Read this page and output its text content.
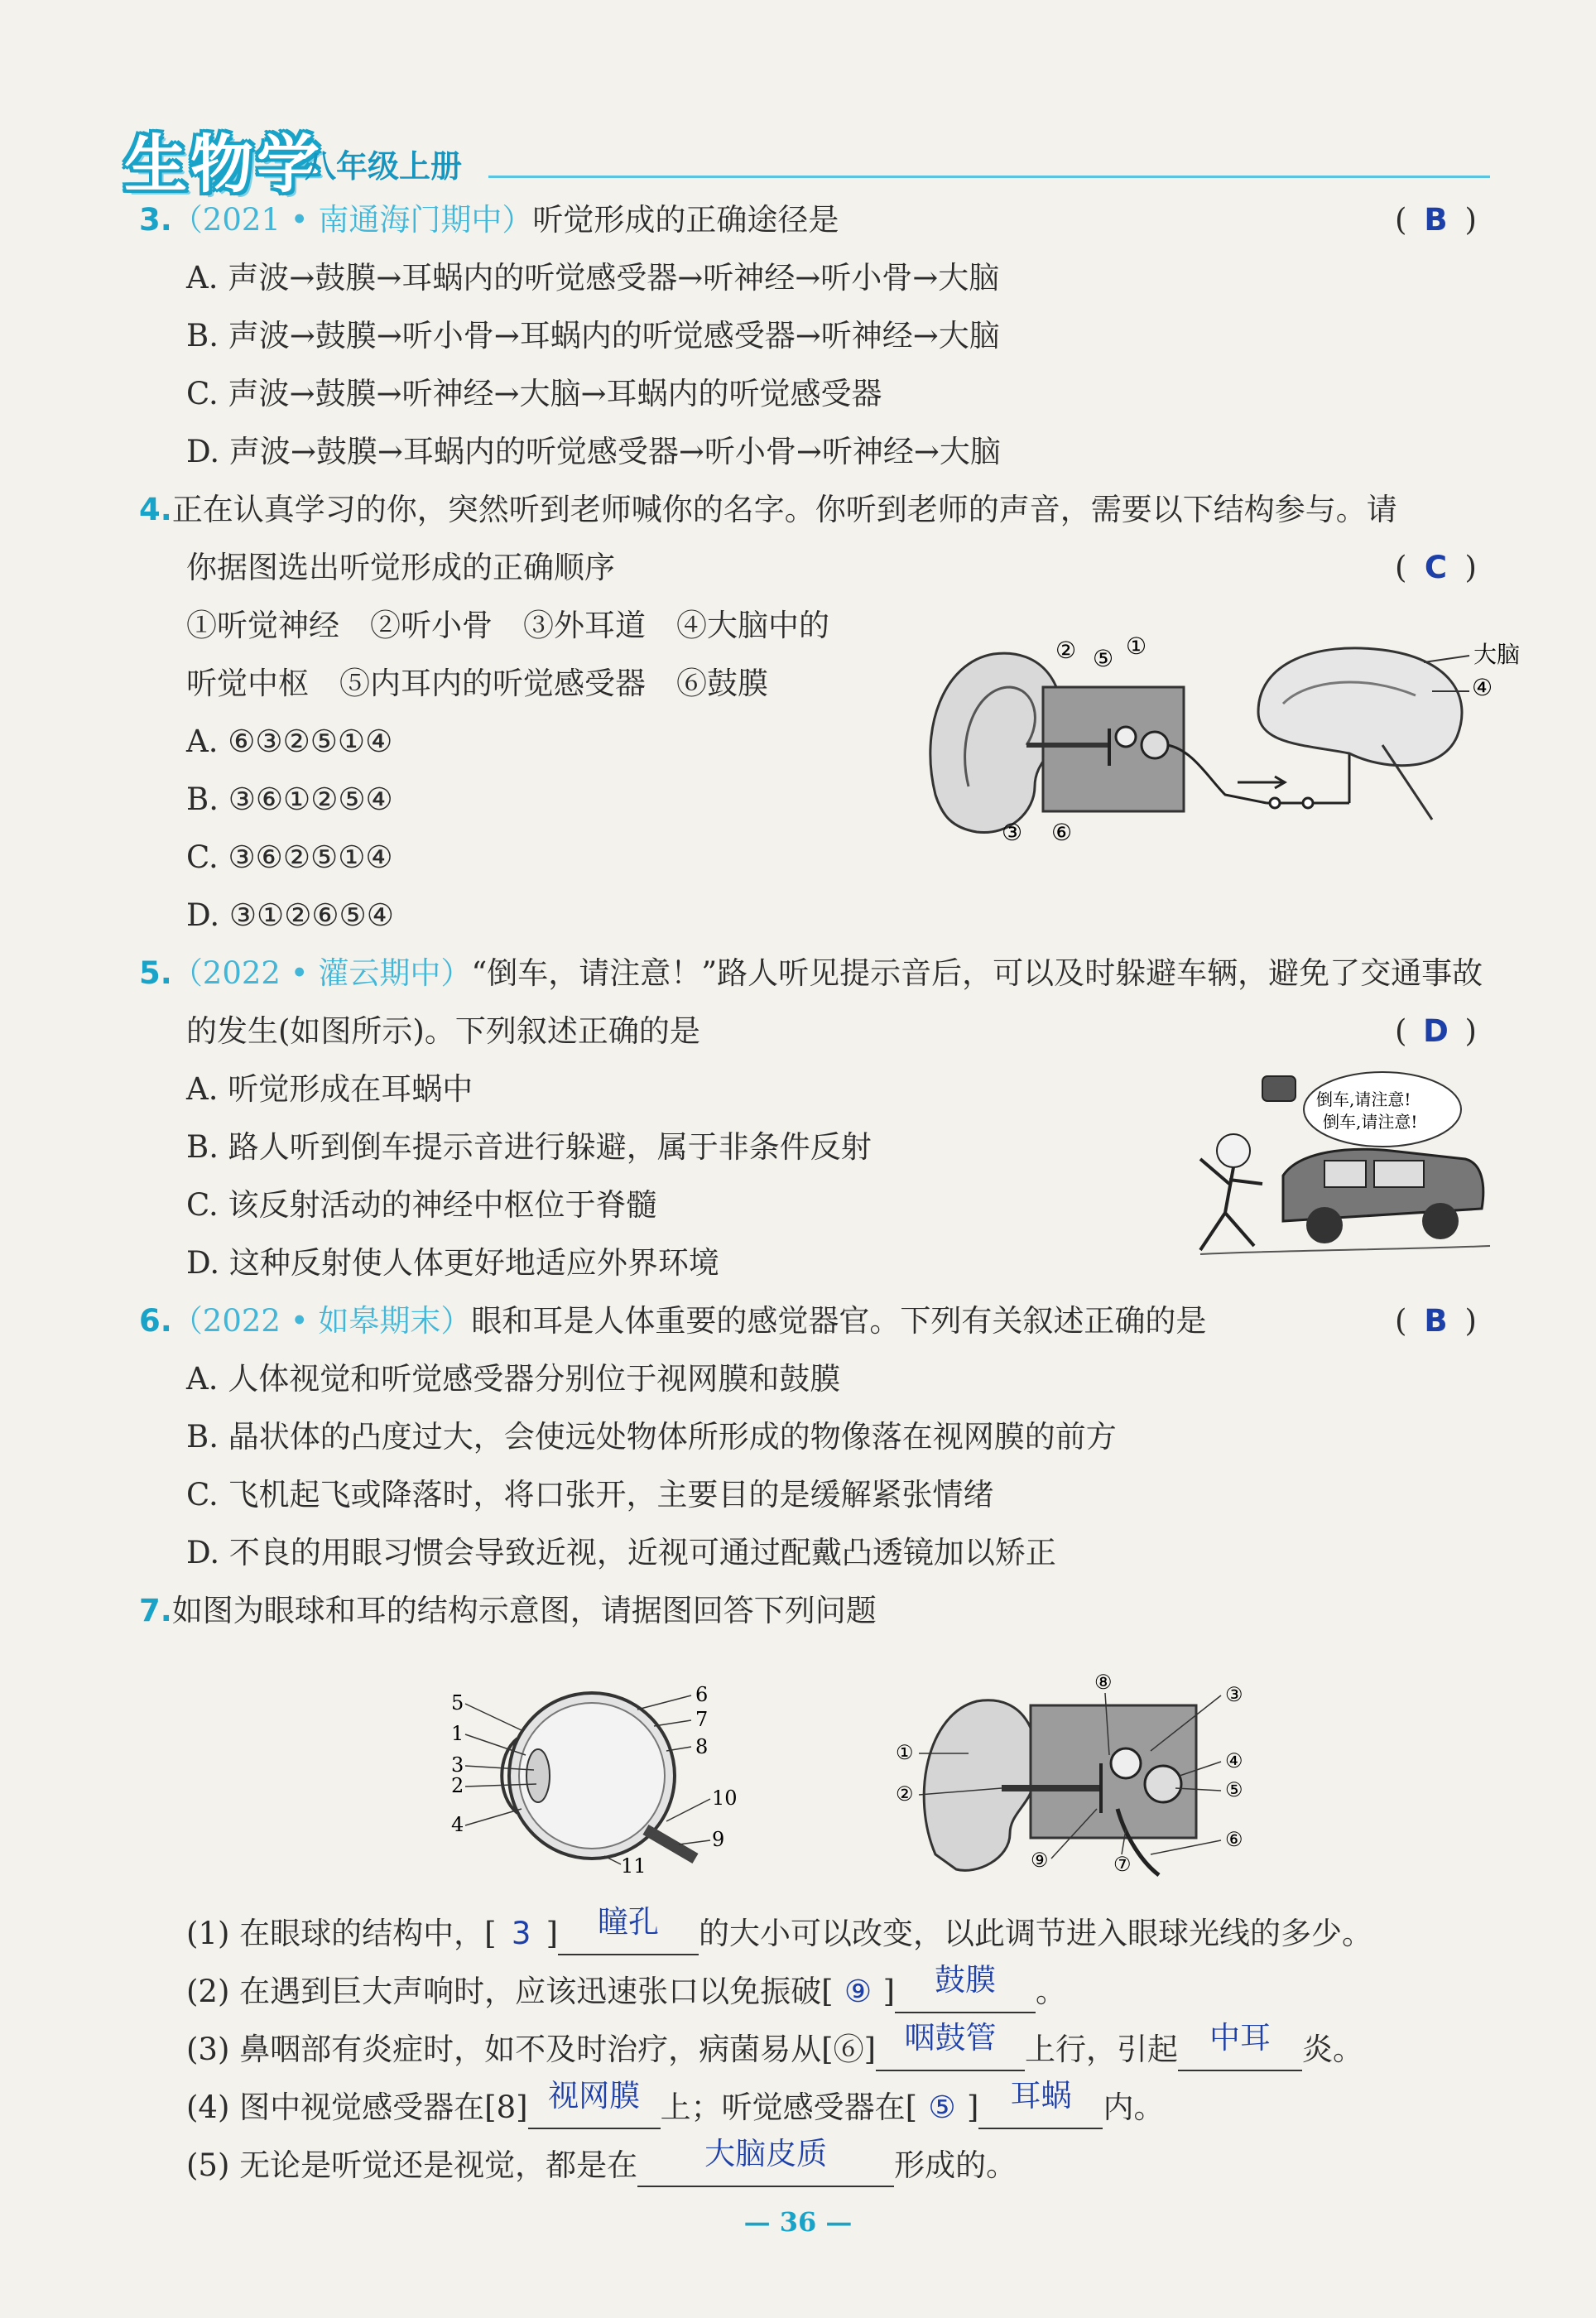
生物学
八年级上册
3.（2021 • 南通海门期中）听觉形成的正确途径是	( B )
A. 声波→鼓膜→耳蜗内的听觉感受器→听神经→听小骨→大脑
B. 声波→鼓膜→听小骨→耳蜗内的听觉感受器→听神经→大脑
C. 声波→鼓膜→听神经→大脑→耳蜗内的听觉感受器
D. 声波→鼓膜→耳蜗内的听觉感受器→听小骨→听神经→大脑
4.正在认真学习的你，突然听到老师喊你的名字。你听到老师的声音，需要以下结构参与。请
你据图选出听觉形成的正确顺序	( C )
①听觉神经　②听小骨　③外耳道　④大脑中的
听觉中枢　⑤内耳内的听觉感受器　⑥鼓膜
A. ⑥③②⑤①④
B. ③⑥①②⑤④
C. ③⑥②⑤①④
D. ③①②⑥⑤④
大脑
④
② ⑤ ①
③ ⑥
5.（2022 • 灌云期中）“倒车，请注意！”路人听见提示音后，可以及时躲避车辆，避免了交通事故
的发生(如图所示)。下列叙述正确的是	( D )
A. 听觉形成在耳蜗中
B. 路人听到倒车提示音进行躲避，属于非条件反射
C. 该反射活动的神经中枢位于脊髓
D. 这种反射使人体更好地适应外界环境
倒车,请注意!
倒车,请注意!
6.（2022 • 如皋期末）眼和耳是人体重要的感觉器官。下列有关叙述正确的是	( B )
A. 人体视觉和听觉感受器分别位于视网膜和鼓膜
B. 晶状体的凸度过大，会使远处物体所形成的物像落在视网膜的前方
C. 飞机起飞或降落时，将口张开，主要目的是缓解紧张情绪
D. 不良的用眼习惯会导致近视，近视可通过配戴凸透镜加以矫正
7.如图为眼球和耳的结构示意图，请据图回答下列问题
5
1
3
2
4
6
7
8
10
9
11
⑧
③
①
②
④
⑤
⑥
⑨	⑦
(1) 在眼球的结构中，[ 3 ] 瞳孔 的大小可以改变，以此调节进入眼球光线的多少。
(2) 在遇到巨大声响时，应该迅速张口以免振破[ ⑨ ] 鼓膜 。
(3) 鼻咽部有炎症时，如不及时治疗，病菌易从[⑥] 咽鼓管 上行，引起 中耳 炎。
(4) 图中视觉感受器在[8] 视网膜 上；听觉感受器在[ ⑤ ] 耳蜗 内。
(5) 无论是听觉还是视觉，都是在 大脑皮质 形成的。
— 36 —
